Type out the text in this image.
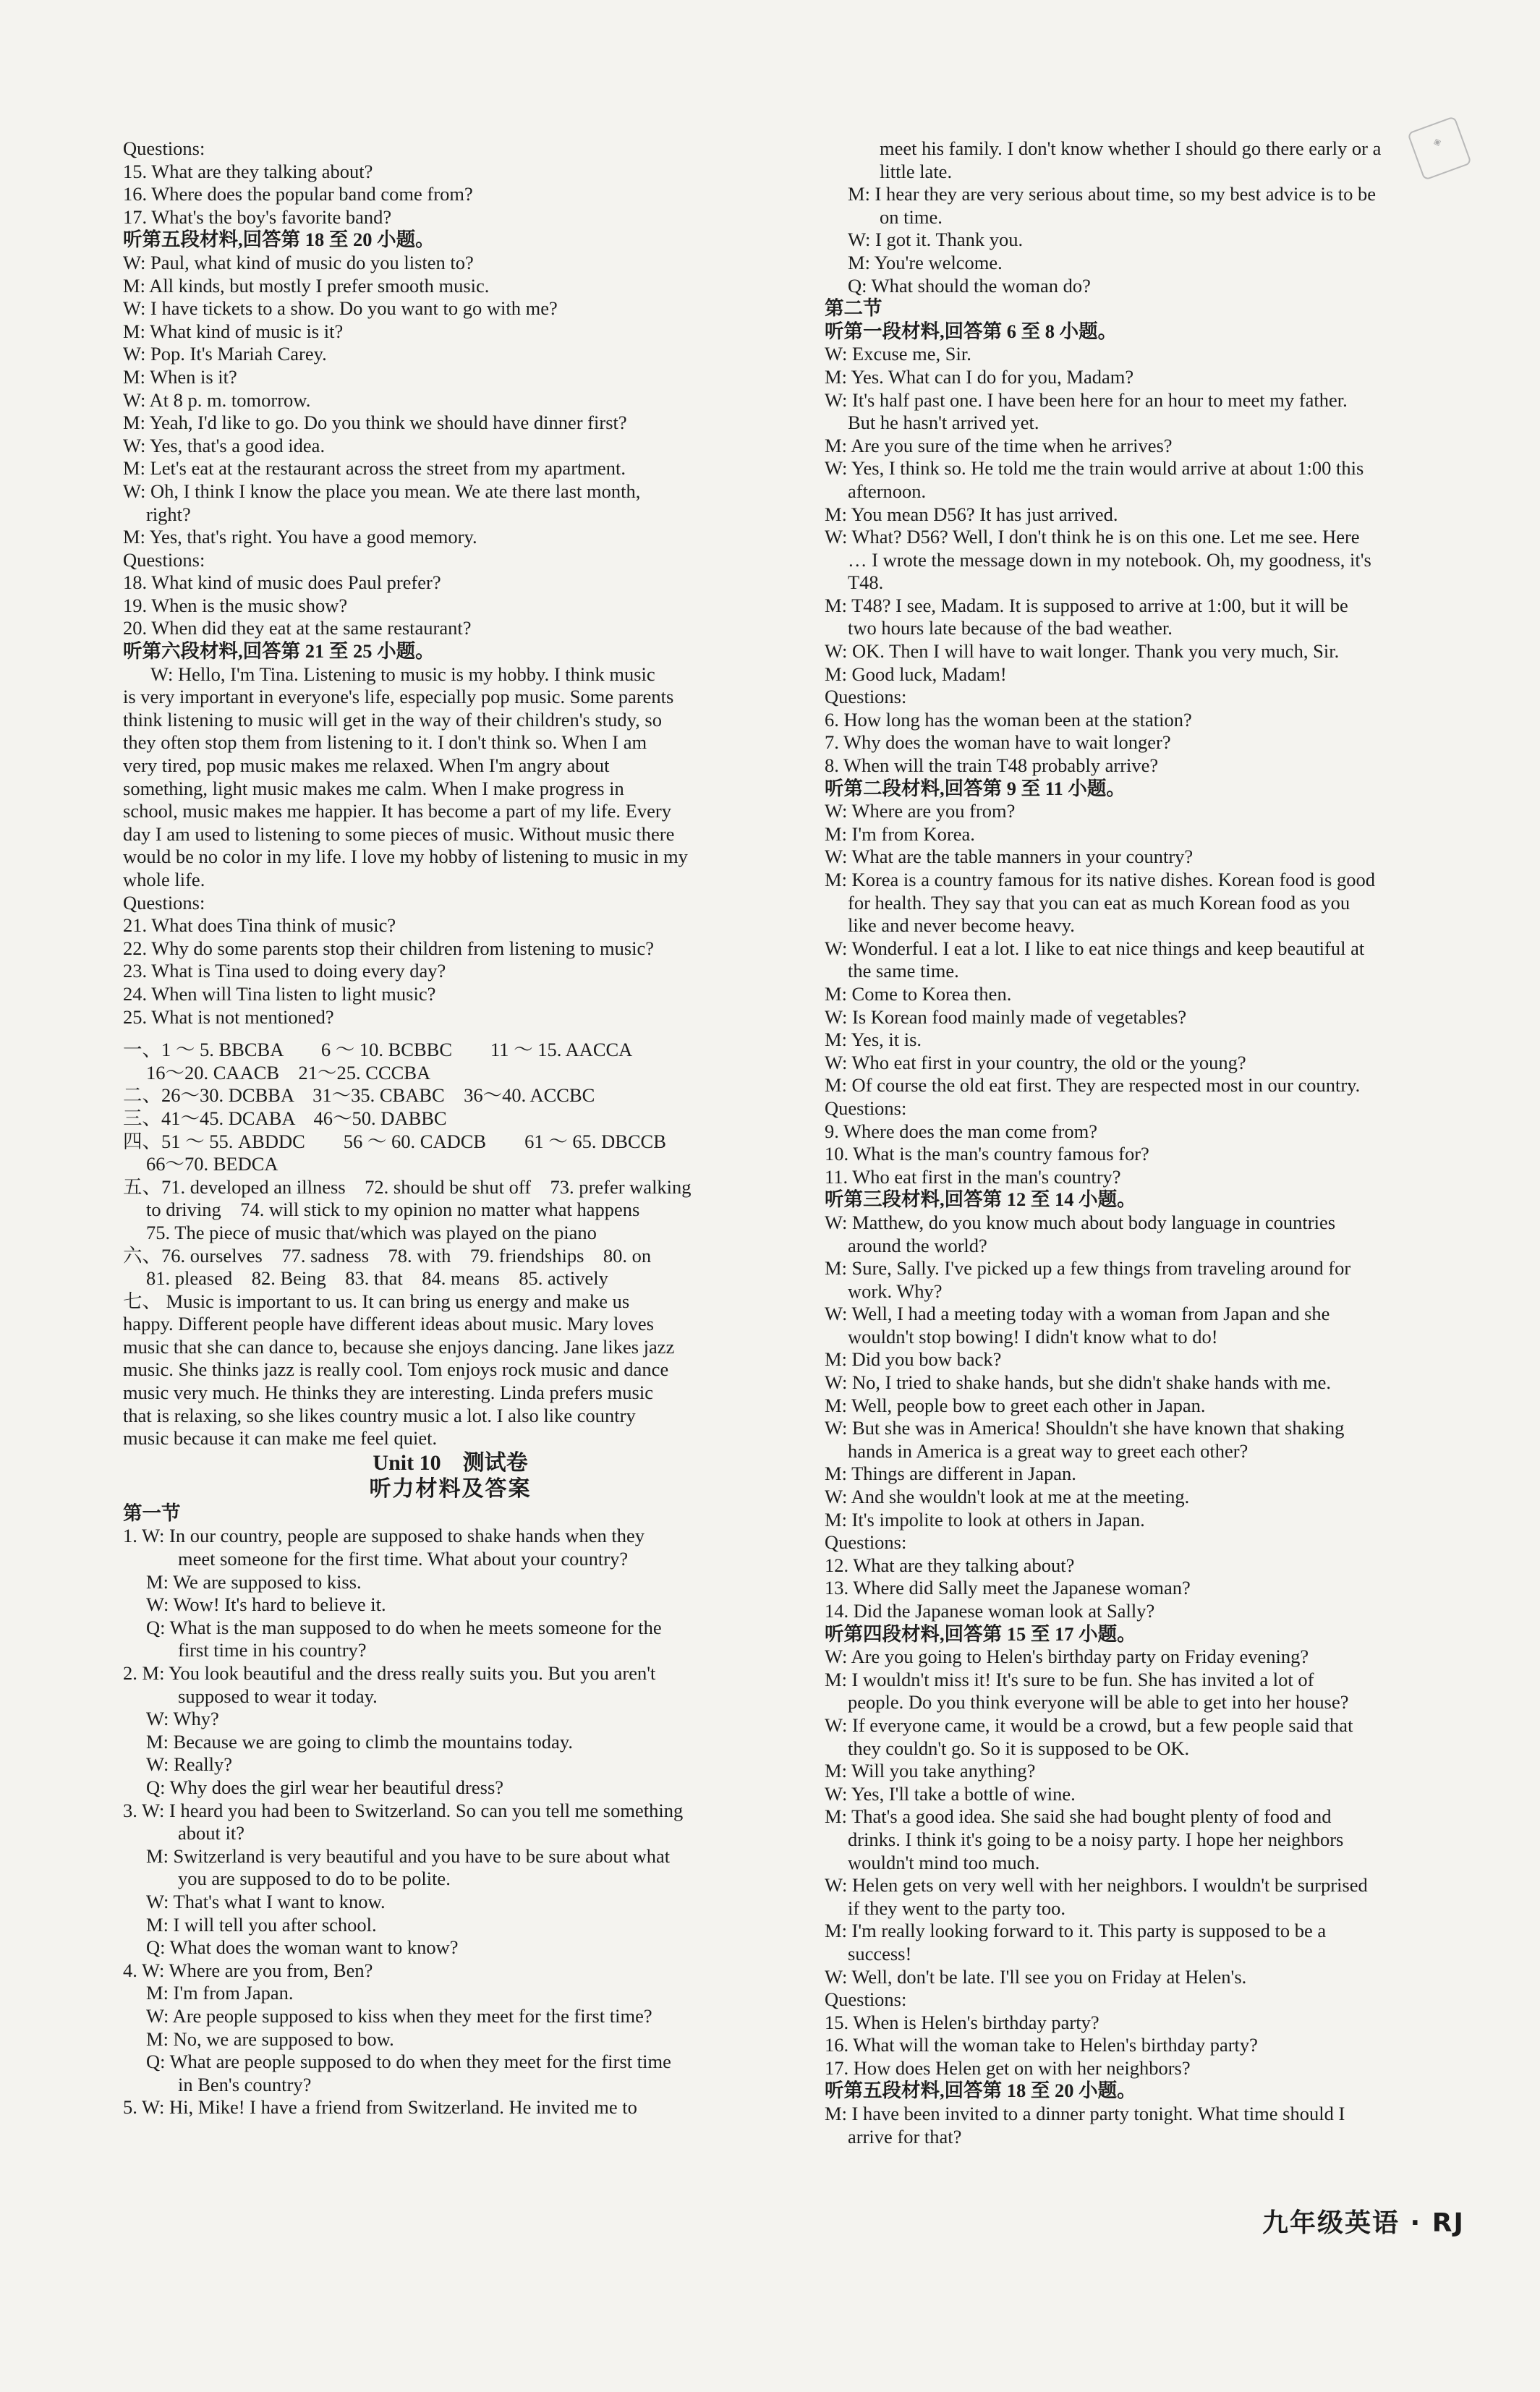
Questions:
15. What are they talking about?
16. Where does the popular band come from?
17. What's the boy's favorite band?
听第五段材料,回答第 18 至 20 小题。
W: Paul, what kind of music do you listen to?
M: All kinds, but mostly I prefer smooth music.
W: I have tickets to a show. Do you want to go with me?
M: What kind of music is it?
W: Pop. It's Mariah Carey.
M: When is it?
W: At 8 p. m. tomorrow.
M: Yeah, I'd like to go. Do you think we should have dinner first?
W: Yes, that's a good idea.
M: Let's eat at the restaurant across the street from my apartment.
W: Oh, I think I know the place you mean. We ate there last month,
right?
M: Yes, that's right. You have a good memory.
Questions:
18. What kind of music does Paul prefer?
19. When is the music show?
20. When did they eat at the same restaurant?
听第六段材料,回答第 21 至 25 小题。
W: Hello, I'm Tina. Listening to music is my hobby. I think music
is very important in everyone's life, especially pop music. Some parents
think listening to music will get in the way of their children's study, so
they often stop them from listening to it. I don't think so. When I am
very tired, pop music makes me relaxed. When I'm angry about
something, light music makes me calm. When I make progress in
school, music makes me happier. It has become a part of my life. Every
day I am used to listening to some pieces of music. Without music there
would be no color in my life. I love my hobby of listening to music in my
whole life.
Questions:
21. What does Tina think of music?
22. Why do some parents stop their children from listening to music?
23. What is Tina used to doing every day?
24. When will Tina listen to light music?
25. What is not mentioned?
一、1 ～ 5. BBCBA　　6 ～ 10. BCBBC　　11 ～ 15. AACCA
16～20. CAACB　21～25. CCCBA
二、26～30. DCBBA　31～35. CBABC　36～40. ACCBC
三、41～45. DCABA　46～50. DABBC
四、51 ～ 55. ABDDC　　56 ～ 60. CADCB　　61 ～ 65. DBCCB
66～70. BEDCA
五、71. developed an illness　72. should be shut off　73. prefer walking
to driving　74. will stick to my opinion no matter what happens
75. The piece of music that/which was played on the piano
六、76. ourselves　77. sadness　78. with　79. friendships　80. on
81. pleased　82. Being　83. that　84. means　85. actively
七、 Music is important to us. It can bring us energy and make us
happy. Different people have different ideas about music. Mary loves
music that she can dance to, because she enjoys dancing. Jane likes jazz
music. She thinks jazz is really cool. Tom enjoys rock music and dance
music very much. He thinks they are interesting. Linda prefers music
that is relaxing, so she likes country music a lot. I also like country
music because it can make me feel quiet.
Unit 10　测试卷
听力材料及答案
第一节
1. W: In our country, people are supposed to shake hands when they
meet someone for the first time. What about your country?
M: We are supposed to kiss.
W: Wow! It's hard to believe it.
Q: What is the man supposed to do when he meets someone for the
first time in his country?
2. M: You look beautiful and the dress really suits you. But you aren't
supposed to wear it today.
W: Why?
M: Because we are going to climb the mountains today.
W: Really?
Q: Why does the girl wear her beautiful dress?
3. W: I heard you had been to Switzerland. So can you tell me something
about it?
M: Switzerland is very beautiful and you have to be sure about what
you are supposed to do to be polite.
W: That's what I want to know.
M: I will tell you after school.
Q: What does the woman want to know?
4. W: Where are you from, Ben?
M: I'm from Japan.
W: Are people supposed to kiss when they meet for the first time?
M: No, we are supposed to bow.
Q: What are people supposed to do when they meet for the first time
in Ben's country?
5. W: Hi, Mike! I have a friend from Switzerland. He invited me to
meet his family. I don't know whether I should go there early or a
little late.
M: I hear they are very serious about time, so my best advice is to be
on time.
W: I got it. Thank you.
M: You're welcome.
Q: What should the woman do?
第二节
听第一段材料,回答第 6 至 8 小题。
W: Excuse me, Sir.
M: Yes. What can I do for you, Madam?
W: It's half past one. I have been here for an hour to meet my father.
But he hasn't arrived yet.
M: Are you sure of the time when he arrives?
W: Yes, I think so. He told me the train would arrive at about 1:00 this
afternoon.
M: You mean D56? It has just arrived.
W: What? D56? Well, I don't think he is on this one. Let me see. Here
… I wrote the message down in my notebook. Oh, my goodness, it's
T48.
M: T48? I see, Madam. It is supposed to arrive at 1:00, but it will be
two hours late because of the bad weather.
W: OK. Then I will have to wait longer. Thank you very much, Sir.
M: Good luck, Madam!
Questions:
6. How long has the woman been at the station?
7. Why does the woman have to wait longer?
8. When will the train T48 probably arrive?
听第二段材料,回答第 9 至 11 小题。
W: Where are you from?
M: I'm from Korea.
W: What are the table manners in your country?
M: Korea is a country famous for its native dishes. Korean food is good
for health. They say that you can eat as much Korean food as you
like and never become heavy.
W: Wonderful. I eat a lot. I like to eat nice things and keep beautiful at
the same time.
M: Come to Korea then.
W: Is Korean food mainly made of vegetables?
M: Yes, it is.
W: Who eat first in your country, the old or the young?
M: Of course the old eat first. They are respected most in our country.
Questions:
9. Where does the man come from?
10. What is the man's country famous for?
11. Who eat first in the man's country?
听第三段材料,回答第 12 至 14 小题。
W: Matthew, do you know much about body language in countries
around the world?
M: Sure, Sally. I've picked up a few things from traveling around for
work. Why?
W: Well, I had a meeting today with a woman from Japan and she
wouldn't stop bowing! I didn't know what to do!
M: Did you bow back?
W: No, I tried to shake hands, but she didn't shake hands with me.
M: Well, people bow to greet each other in Japan.
W: But she was in America! Shouldn't she have known that shaking
hands in America is a great way to greet each other?
M: Things are different in Japan.
W: And she wouldn't look at me at the meeting.
M: It's impolite to look at others in Japan.
Questions:
12. What are they talking about?
13. Where did Sally meet the Japanese woman?
14. Did the Japanese woman look at Sally?
听第四段材料,回答第 15 至 17 小题。
W: Are you going to Helen's birthday party on Friday evening?
M: I wouldn't miss it! It's sure to be fun. She has invited a lot of
people. Do you think everyone will be able to get into her house?
W: If everyone came, it would be a crowd, but a few people said that
they couldn't go. So it is supposed to be OK.
M: Will you take anything?
W: Yes, I'll take a bottle of wine.
M: That's a good idea. She said she had bought plenty of food and
drinks. I think it's going to be a noisy party. I hope her neighbors
wouldn't mind too much.
W: Helen gets on very well with her neighbors. I wouldn't be surprised
if they went to the party too.
M: I'm really looking forward to it. This party is supposed to be a
success!
W: Well, don't be late. I'll see you on Friday at Helen's.
Questions:
15. When is Helen's birthday party?
16. What will the woman take to Helen's birthday party?
17. How does Helen get on with her neighbors?
听第五段材料,回答第 18 至 20 小题。
M: I have been invited to a dinner party tonight. What time should I
arrive for that?
◈
九年级英语 · RJ
